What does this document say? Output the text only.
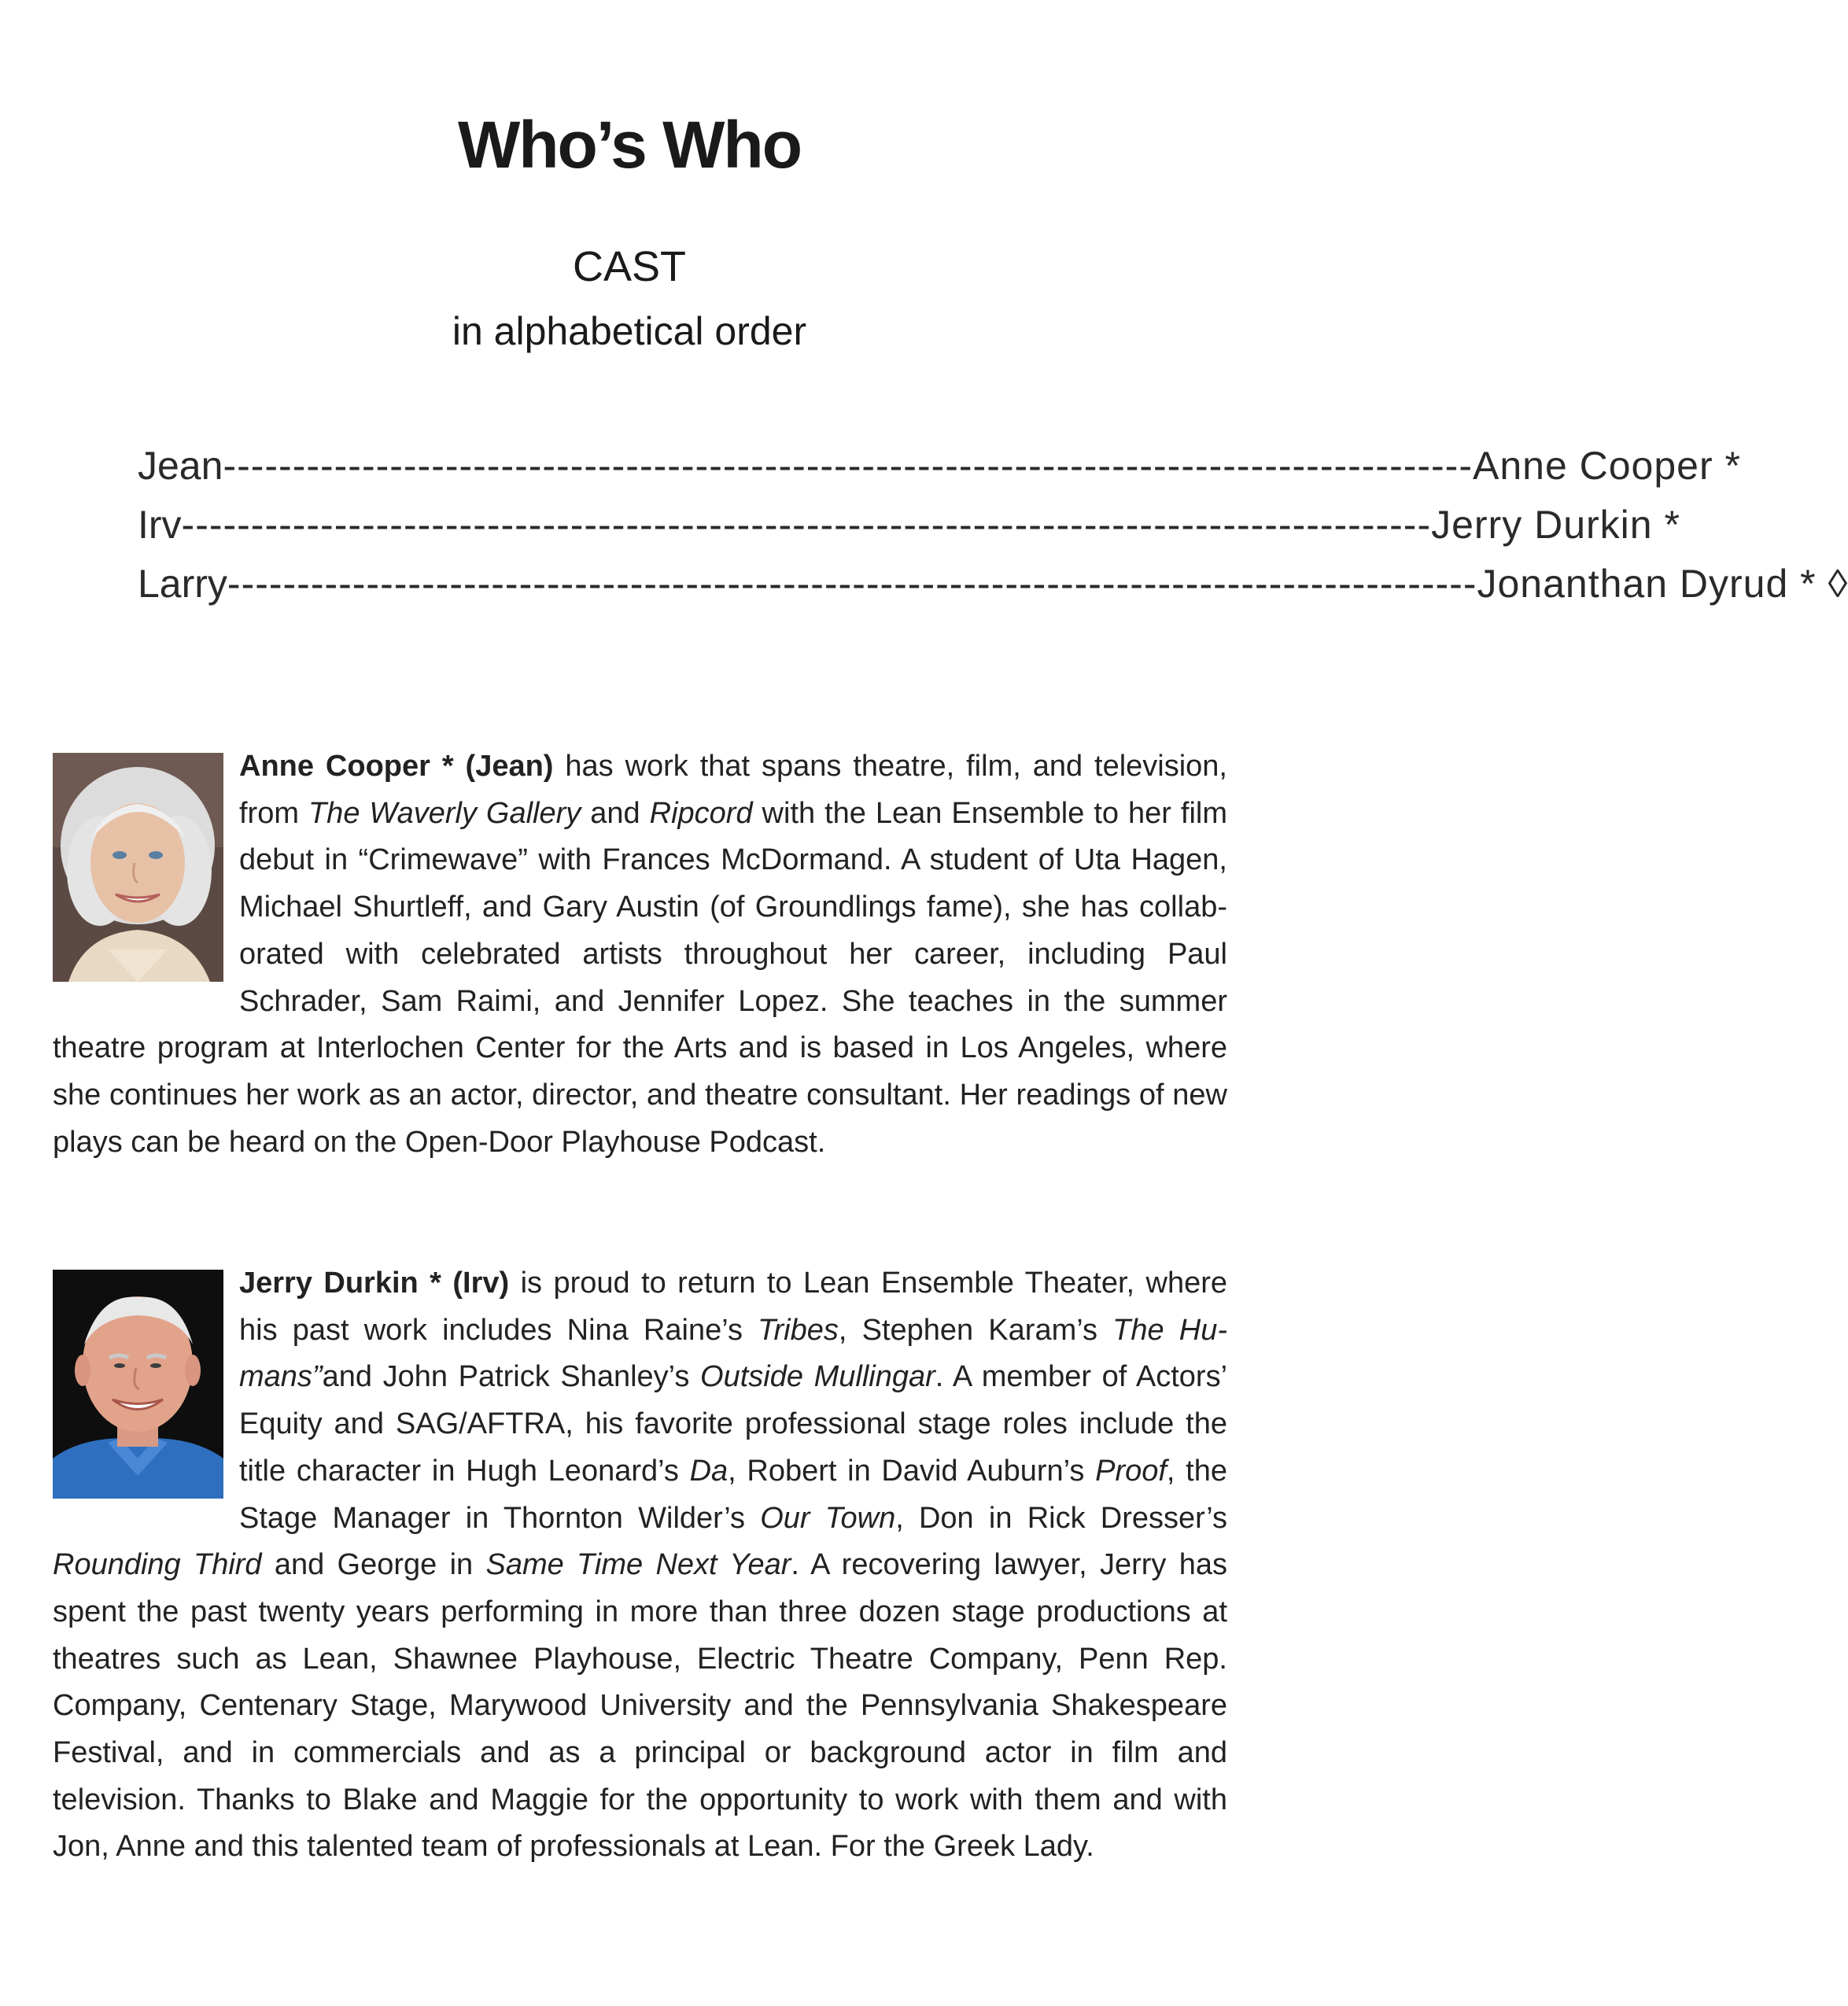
Who’s Who
CAST
in alphabetical order
Jean ----------------------------------------------------------------------------------------- -Anne Cooper *
Irv ----------------------------------------------------------------------------------------- -Jerry Durkin *
Larry ----------------------------------------------------------------------------------------- -Jonanthan Dyrud * ◊

Anne Cooper * (Jean) has work that spans theatre, film, and television, from The Waverly Gallery and Ripcord with the Lean Ensemble to her film debut in “Crimewave” with Frances McDormand. A student of Uta Hagen, Michael Shurtleff, and Gary Austin (of Groundlings fame), she has collaborated with celebrated artists throughout her career, including Paul Schrader, Sam Raimi, and Jennifer Lopez. She teaches in the summer theatre program at Interlochen Center for the Arts and is based in Los Angeles, where she continues her work as an actor, director, and theatre consultant. Her readings of new plays can be heard on the Open-Door Playhouse Podcast.

Jerry Durkin * (Irv) is proud to return to Lean Ensemble Theater, where his past work includes Nina Raine’s Tribes, Stephen Karam’s The Humans”and John Patrick Shanley’s Outside Mullingar. A member of Actors’ Equity and SAG/AFTRA, his favorite professional stage roles include the title character in Hugh Leonard’s Da, Robert in David Auburn’s Proof, the Stage Manager in Thornton Wilder’s Our Town, Don in Rick Dresser’s Rounding Third and George in Same Time Next Year. A recovering lawyer, Jerry has spent the past twenty years performing in more than three dozen stage productions at theatres such as Lean, Shawnee Playhouse, Electric Theatre Company, Penn Rep. Company, Centenary Stage, Marywood University and the Pennsylvania Shakespeare Festival, and in commercials and as a principal or background actor in film and television. Thanks to Blake and Maggie for the opportunity to work with them and with Jon, Anne and this talented team of professionals at Lean. For the Greek Lady.
